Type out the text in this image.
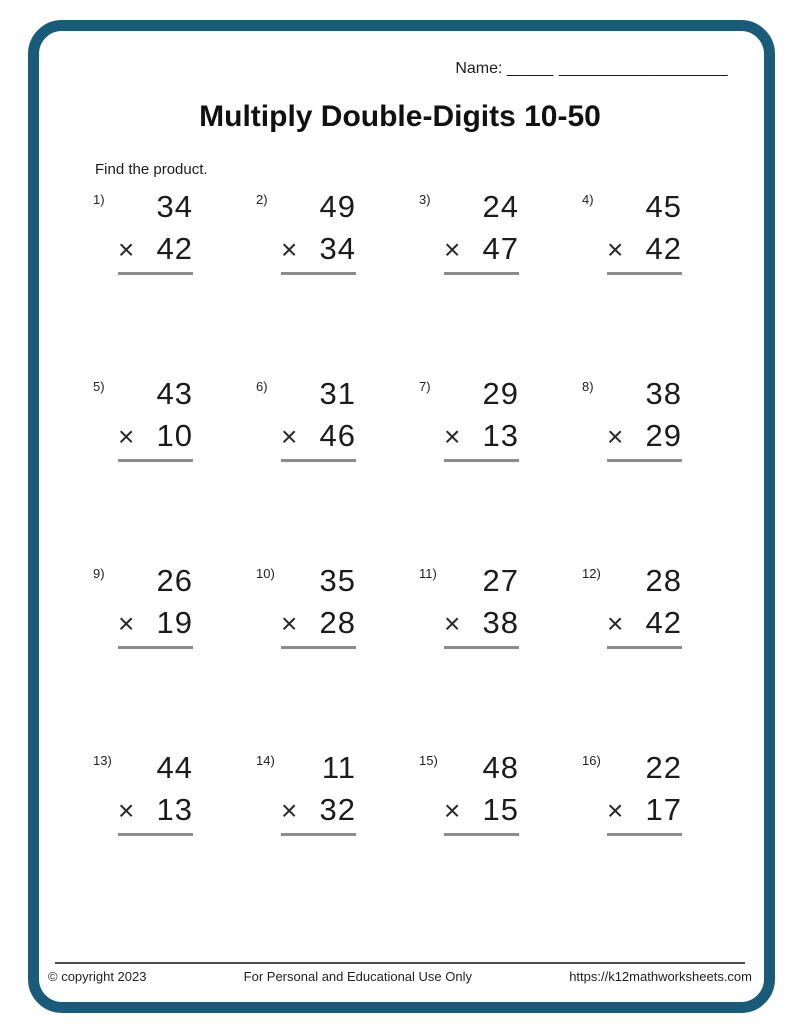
Name: _____ __________________
Multiply Double-Digits 10-50
Find the product.
1)	34
× 42
2)	49
× 34
3)	24
× 47
4)	45
× 42
5)	43
× 10
6)	31
× 46
7)	29
× 13
8)	38
× 29
9)	26
× 19
10)	35
× 28
11)	27
× 38
12)	28
× 42
13)	44
× 13
14)	11
× 32
15)	48
× 15
16)	22
× 17
© copyright 2023	For Personal and Educational Use Only	https://k12mathworksheets.com
